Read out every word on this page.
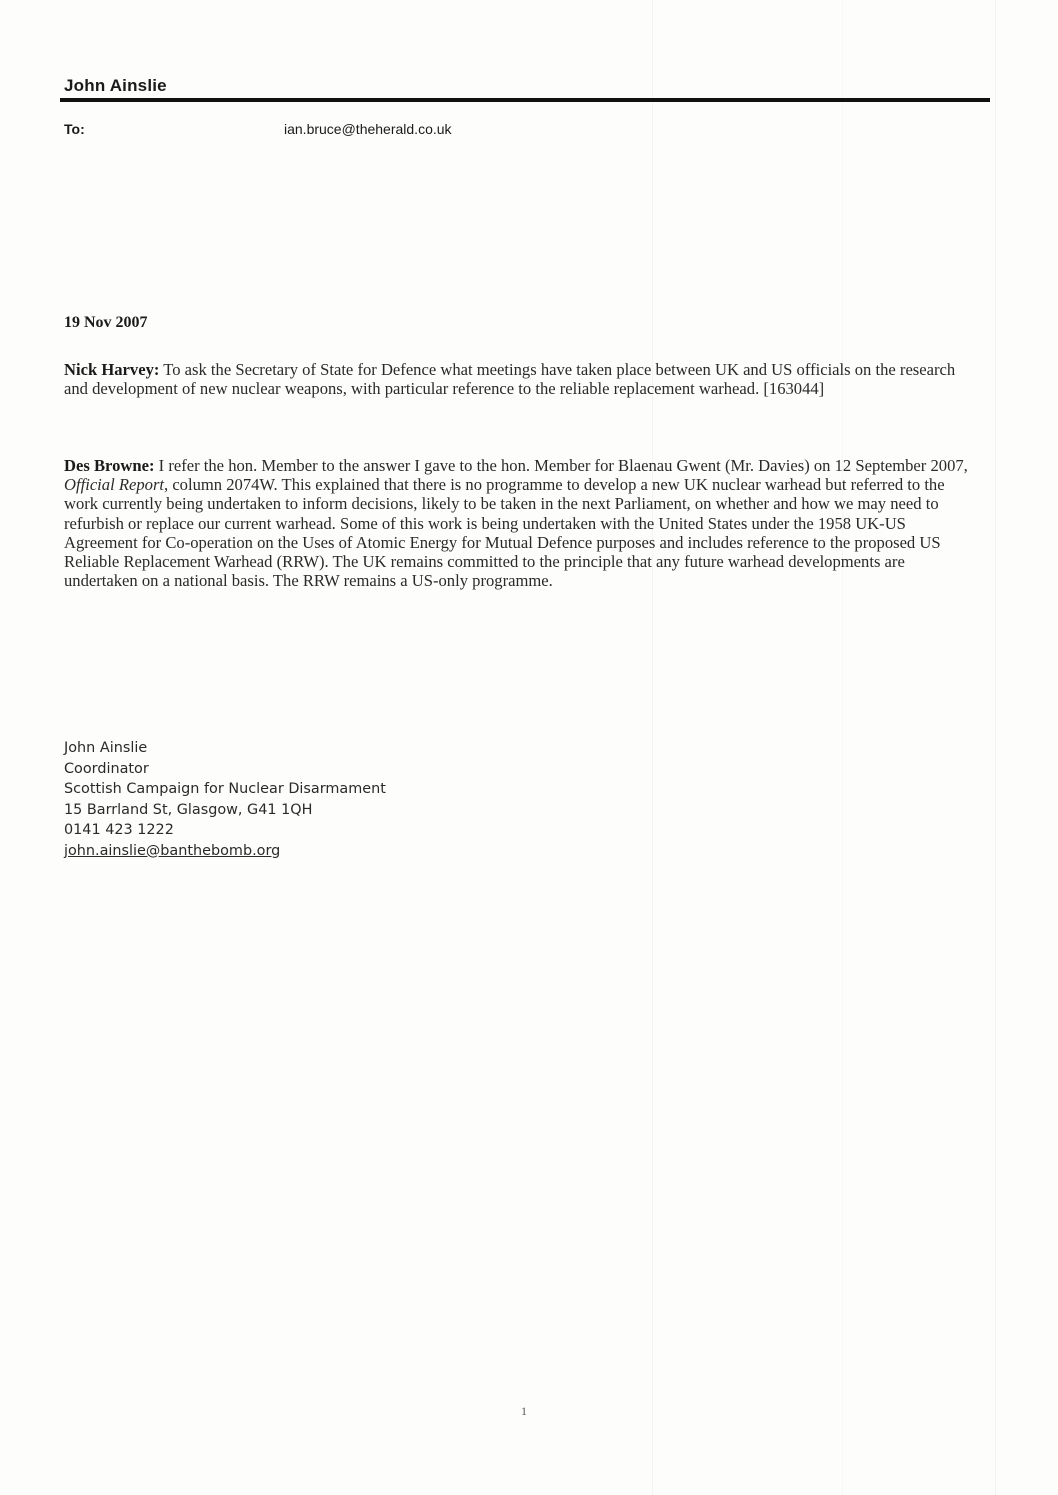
John Ainslie
To:	ian.bruce@theherald.co.uk
19 Nov 2007

Nick Harvey: To ask the Secretary of State for Defence what meetings have taken place between UK and US officials on the research and development of new nuclear weapons, with particular reference to the reliable replacement warhead. [163044]

Des Browne: I refer the hon. Member to the answer I gave to the hon. Member for Blaenau Gwent (Mr. Davies) on 12 September 2007, Official Report, column 2074W. This explained that there is no programme to develop a new UK nuclear warhead but referred to the work currently being undertaken to inform decisions, likely to be taken in the next Parliament, on whether and how we may need to refurbish or replace our current warhead. Some of this work is being undertaken with the United States under the 1958 UK-US Agreement for Co-operation on the Uses of Atomic Energy for Mutual Defence purposes and includes reference to the proposed US Reliable Replacement Warhead (RRW). The UK remains committed to the principle that any future warhead developments are undertaken on a national basis. The RRW remains a US-only programme.

John Ainslie
Coordinator
Scottish Campaign for Nuclear Disarmament
15 Barrland St, Glasgow, G41 1QH
0141 423 1222
john.ainslie@banthebomb.org
1
